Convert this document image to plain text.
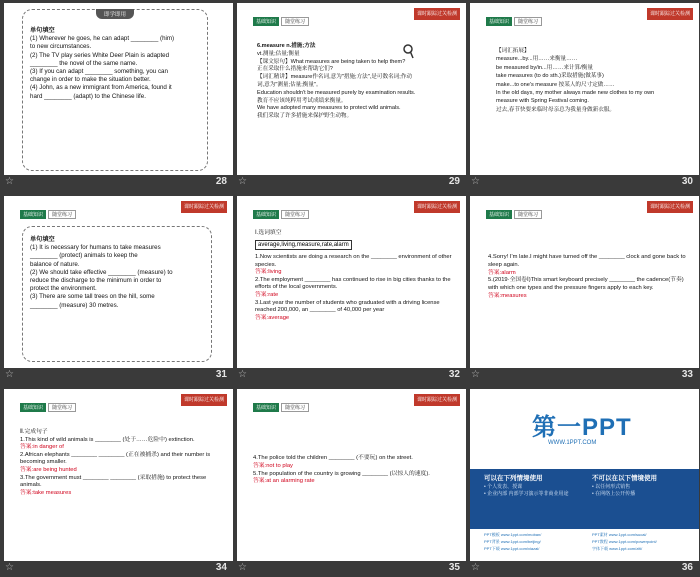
即学即用

单句填空

(1) Wherever he goes, he can adapt ________ (him)

to new circumstances.

(2) The TV play series White Deer Plain is adapted

________ the novel of the same name.

(3) If you can adapt ________ something, you can

change in order to make the situation better.

(4) John, as a new immigrant from America, found it

hard ________ (adapt) to the Chinese life.

☆	28
课时跟踪过关检测
基础知识 随堂练习

6.measure n.措施;方法

vt.测量;估量;衡量

【课文原句】What measures are being taken to help them?

正在采取什么措施来帮助它们?

【词汇精讲】measure作名词,意为"措施;方法",是可数名词;作动

词,意为"测量;估量;衡量"。

Education shouldn't be measured purely by examination results.

教育不应该纯粹用考试成绩来衡量。

We have adopted many measures to protect wild animals.

我们采取了许多措施来保护野生动物。

☆	29
课时跟踪过关检测
基础知识 随堂练习

【词汇拓展】

measure...by...用……来衡量……

be measured by/in...用……来计算/衡量

take measures (to do sth.)采取措施(做某事)

make...to one's measure 按某人的尺寸定做……

In the old days, my mother always made new clothes to my own

measure with Spring Festival coming.

过去,春节快要来临时母亲总为我量身做新衣服。

☆	30
课时跟踪过关检测
基础知识 随堂练习

单句填空

(1) It is necessary for humans to take measures

________ (protect) animals to keep the

balance of nature.

(2) We should take effective ________ (measure) to

reduce the discharge to the minimum in order to

protect the environment.

(3) There are some tall trees on the hill, some

________ (measure) 30 metres.

☆	31
课时跟踪过关检测
基础知识 随堂练习

Ⅰ.选词填空

average,living,measure,rate,alarm

1.Now scientists are doing a research on the ________ environment of other species.

答案:living

2.The employment ________ has continued to rise in big cities thanks to the efforts of the local governments.

答案:rate

3.Last year the number of students who graduated with a driving license reached 200,000, an ________ of 40,000 per year

答案:average

☆	32
课时跟踪过关检测
基础知识 随堂练习

4.Sorry! I'm late.I might have turned off the ________ clock and gone back to sleep again.

答案:alarm

5.(2019·全国卷Ⅰ)This smart keyboard precisely ________ the cadence(节奏) with which one types and the pressure fingers apply to each key.

答案:measures

☆	33
课时跟踪过关检测
基础知识 随堂练习

Ⅱ.完成句子

1.This kind of wild animals is ________ (处于……危险中) extinction.

答案:in danger of

2.African elephants ________ ________ (正在被捕杀) and their number is becoming smaller.

答案:are being hunted

3.The government must ________ ________ (采取措施) to protect these animals.

答案:take measures

☆	34
课时跟踪过关检测
基础知识 随堂练习

4.The police told the children ________ (不要玩) on the street.

答案:not to play

5.The population of the country is growing ________ (以惊人的速度).

答案:at an alarming rate

☆	35
第一PPT
WWW.1PPT.COM
可以在下列情境使用
• 个人发表、授课
• 企业内部 内部学习演示等非商业用途
不可以在以下情境使用
• 以任何形式销售
• 在网络上公开传播
PPT模板 www.1ppt.com/moban/
PPT背景 www.1ppt.com/beijing/
PPT下载 www.1ppt.com/xiazai/
PPT素材 www.1ppt.com/sucai/
PPT教程 www.1ppt.com/powerpoint/
字体下载 www.1ppt.com/ziti/
☆	36
